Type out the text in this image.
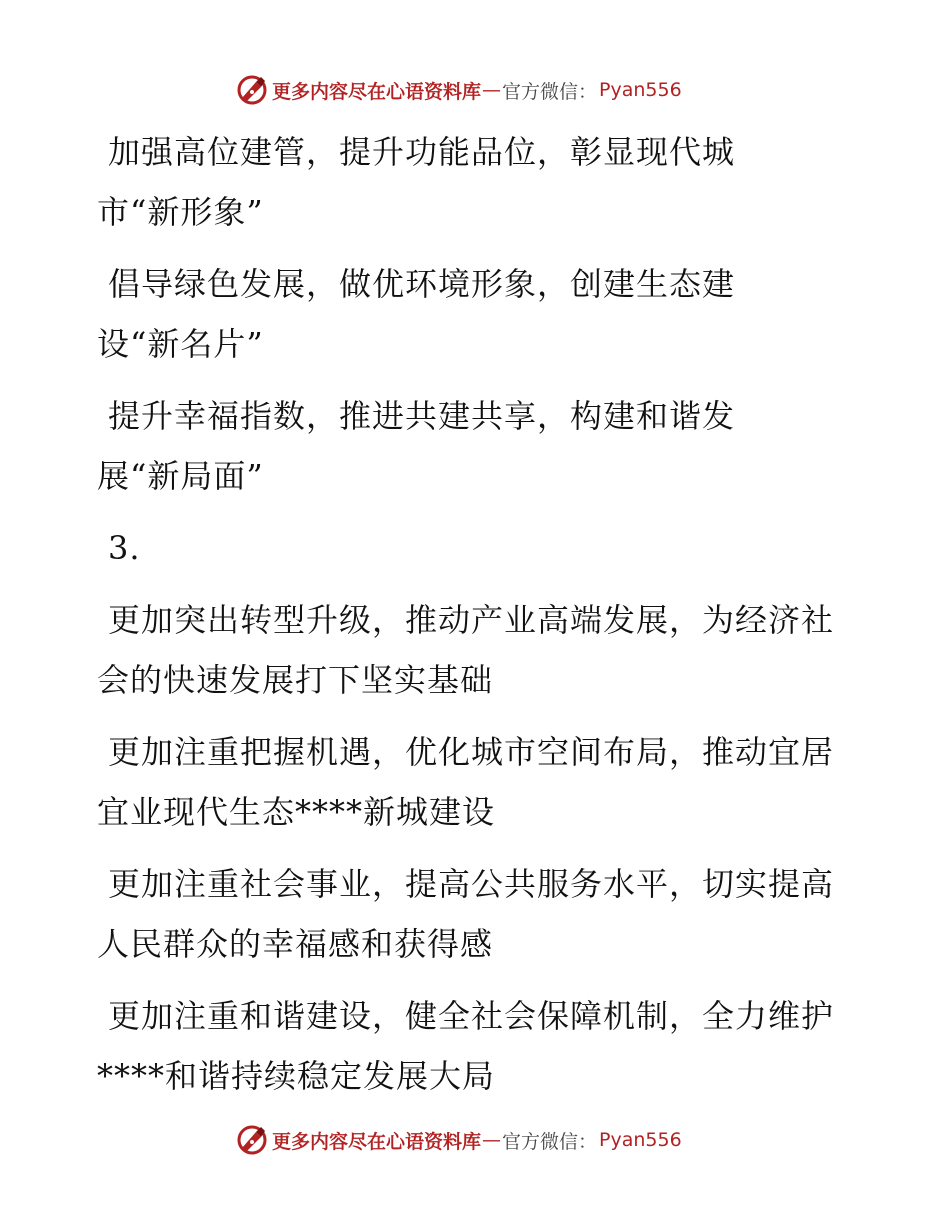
更多内容尽在心语资料库 — 官方微信： Pyan556

加强高位建管，提升功能品位，彰显现代城市“新形象”

倡导绿色发展，做优环境形象，创建生态建设“新名片”

提升幸福指数，推进共建共享，构建和谐发展“新局面”

3.

更加突出转型升级，推动产业高端发展，为经济社会的快速发展打下坚实基础

更加注重把握机遇，优化城市空间布局，推动宜居宜业现代生态****新城建设

更加注重社会事业，提高公共服务水平，切实提高人民群众的幸福感和获得感

更加注重和谐建设，健全社会保障机制，全力维护****和谐持续稳定发展大局

更多内容尽在心语资料库 — 官方微信： Pyan556
